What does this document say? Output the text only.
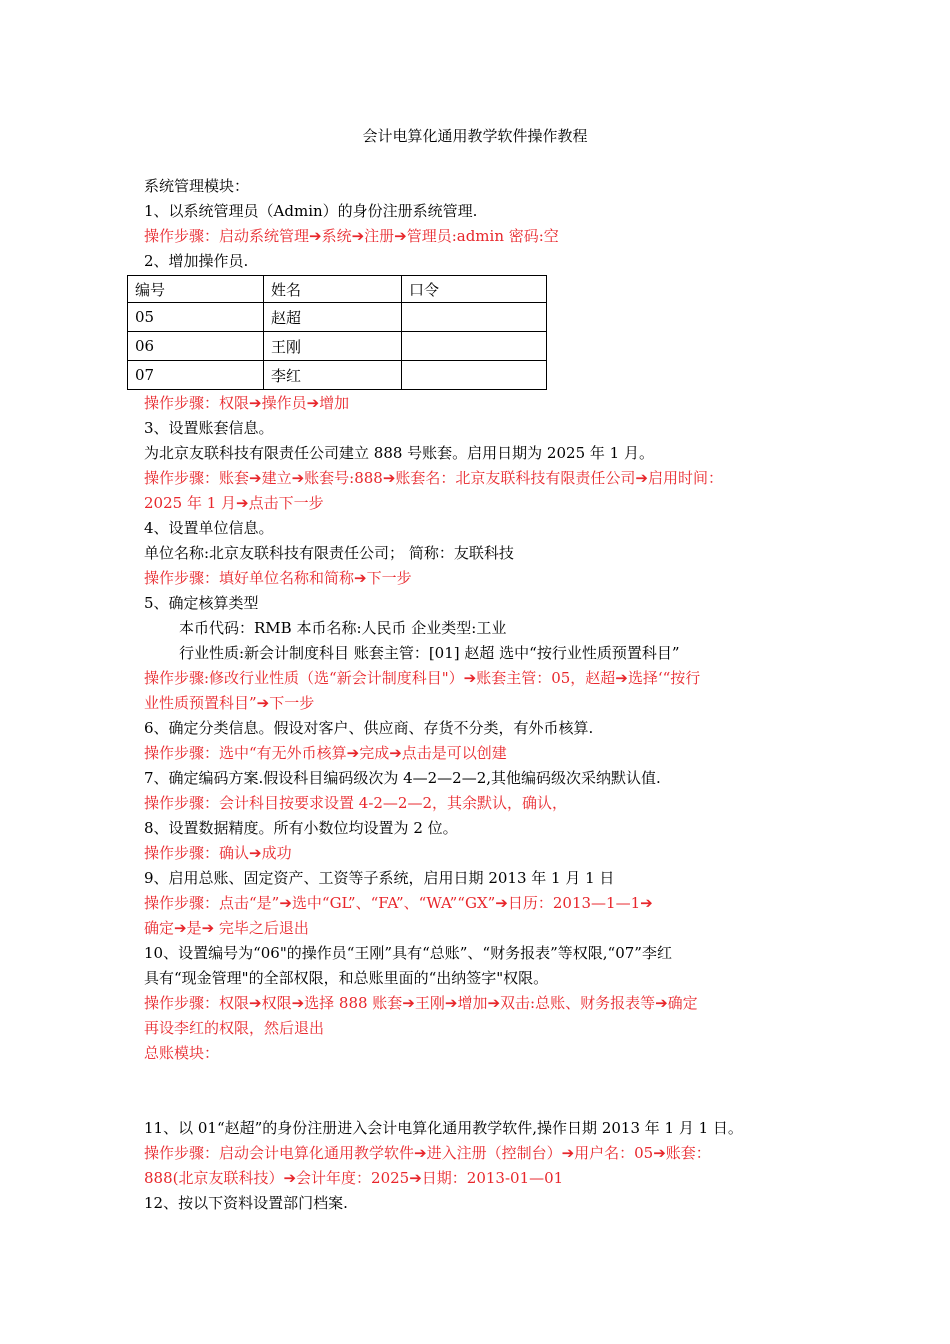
会计电算化通用教学软件操作教程
系统管理模块：
1、以系统管理员（Admin）的身份注册系统管理.
操作步骤：启动系统管理➔系统➔注册➔管理员:admin 密码:空
2、增加操作员.
编号	姓名	口令
05	赵超	
06	王刚	
07	李红	
操作步骤：权限➔操作员➔增加
3、设置账套信息。
为北京友联科技有限责任公司建立 888 号账套。启用日期为 2025 年 1 月。
操作步骤：账套➔建立➔账套号:888➔账套名：北京友联科技有限责任公司➔启用时间：
2025 年 1 月➔点击下一步
4、设置单位信息。
单位名称:北京友联科技有限责任公司； 简称：友联科技
操作步骤：填好单位名称和简称➔下一步
5、确定核算类型
本币代码：RMB 本币名称:人民币 企业类型:工业
行业性质:新会计制度科目 账套主管：[01] 赵超 选中“按行业性质预置科目”
操作步骤:修改行业性质（选“新会计制度科目"）➔账套主管：05，赵超➔选择‘“按行
业性质预置科目”➔下一步
6、确定分类信息。假设对客户、供应商、存货不分类，有外币核算.
操作步骤：选中“有无外币核算➔完成➔点击是可以创建
7、确定编码方案.假设科目编码级次为 4—2—2—2,其他编码级次采纳默认值.
操作步骤：会计科目按要求设置 4-2—2—2，其余默认，确认，
8、设置数据精度。所有小数位均设置为 2 位。
操作步骤：确认➔成功
9、启用总账、固定资产、工资等子系统，启用日期 2013 年 1 月 1 日
操作步骤：点击“是”➔选中“GL”、“FA”、“WA”“GX”➔日历：2013—1—1➔
确定➔是➔ 完毕之后退出
10、设置编号为“06"的操作员“王刚”具有“总账”、“财务报表”等权限,“07”李红
具有“现金管理"的全部权限，和总账里面的“出纳签字"权限。
操作步骤：权限➔权限➔选择 888 账套➔王刚➔增加➔双击:总账、财务报表等➔确定
再设李红的权限，然后退出
总账模块：
11、以 01“赵超”的身份注册进入会计电算化通用教学软件,操作日期 2013 年 1 月 1 日。
操作步骤：启动会计电算化通用教学软件➔进入注册（控制台）➔用户名：05➔账套：
888(北京友联科技）➔会计年度：2025➔日期：2013-01—01
12、按以下资料设置部门档案.
